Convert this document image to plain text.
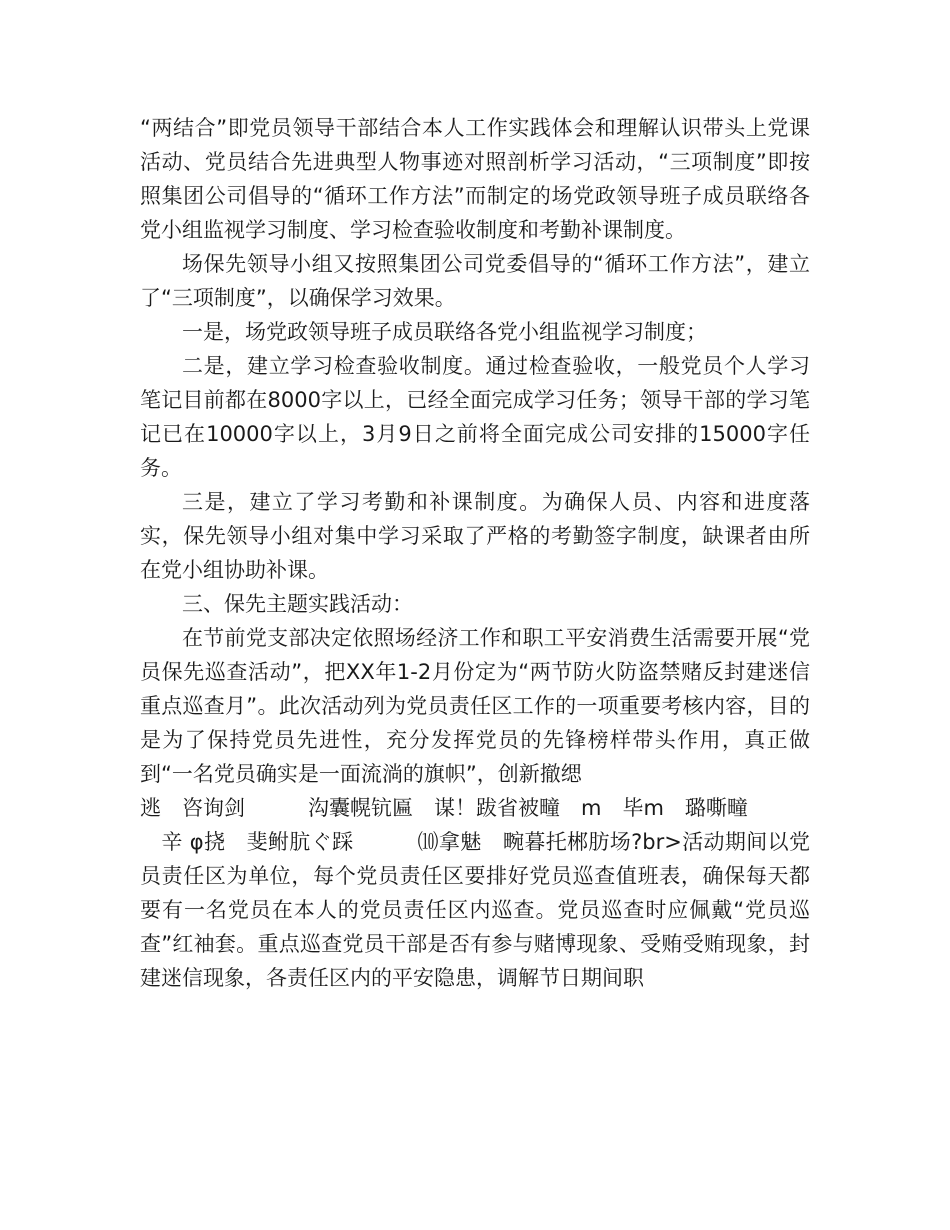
“两结合”即党员领导干部结合本人工作实践体会和理解认识带头上党课活动、党员结合先进典型人物事迹对照剖析学习活动，“三项制度”即按照集团公司倡导的“循环工作方法”而制定的场党政领导班子成员联络各党小组监视学习制度、学习检查验收制度和考勤补课制度。

场保先领导小组又按照集团公司党委倡导的“循环工作方法”，建立了“三项制度”，以确保学习效果。

一是，场党政领导班子成员联络各党小组监视学习制度；

二是，建立学习检查验收制度。通过检查验收，一般党员个人学习笔记目前都在8000字以上，已经全面完成学习任务；领导干部的学习笔记已在10000字以上，3月9日之前将全面完成公司安排的15000字任务。

三是，建立了学习考勤和补课制度。为确保人员、内容和进度落实，保先领导小组对集中学习采取了严格的考勤签字制度，缺课者由所在党小组协助补课。

三、保先主题实践活动：

在节前党支部决定依照场经济工作和职工平安消费生活需要开展“党员保先巡查活动”，把XX年1-2月份定为“两节防火防盗禁赌反封建迷信重点巡查月”。此次活动列为党员责任区工作的一项重要考核内容，目的是为了保持党员先进性，充分发挥党员的先锋榜样带头作用，真正做到“一名党员确实是一面流淌的旗帜”，创新撤缌

逃　咨询剑　　　沟囊幌钪匾　谋！跋省被疃　m　毕m　璐嘶疃

　辛 φ挠　斐鲋肮ぐ踩　　　⑽拿魅　畹暮托郴肪场?br>活动期间以党员责任区为单位，每个党员责任区要排好党员巡查值班表，确保每天都要有一名党员在本人的党员责任区内巡查。党员巡查时应佩戴“党员巡查”红袖套。重点巡查党员干部是否有参与赌博现象、受贿受贿现象，封建迷信现象，各责任区内的平安隐患，调解节日期间职
